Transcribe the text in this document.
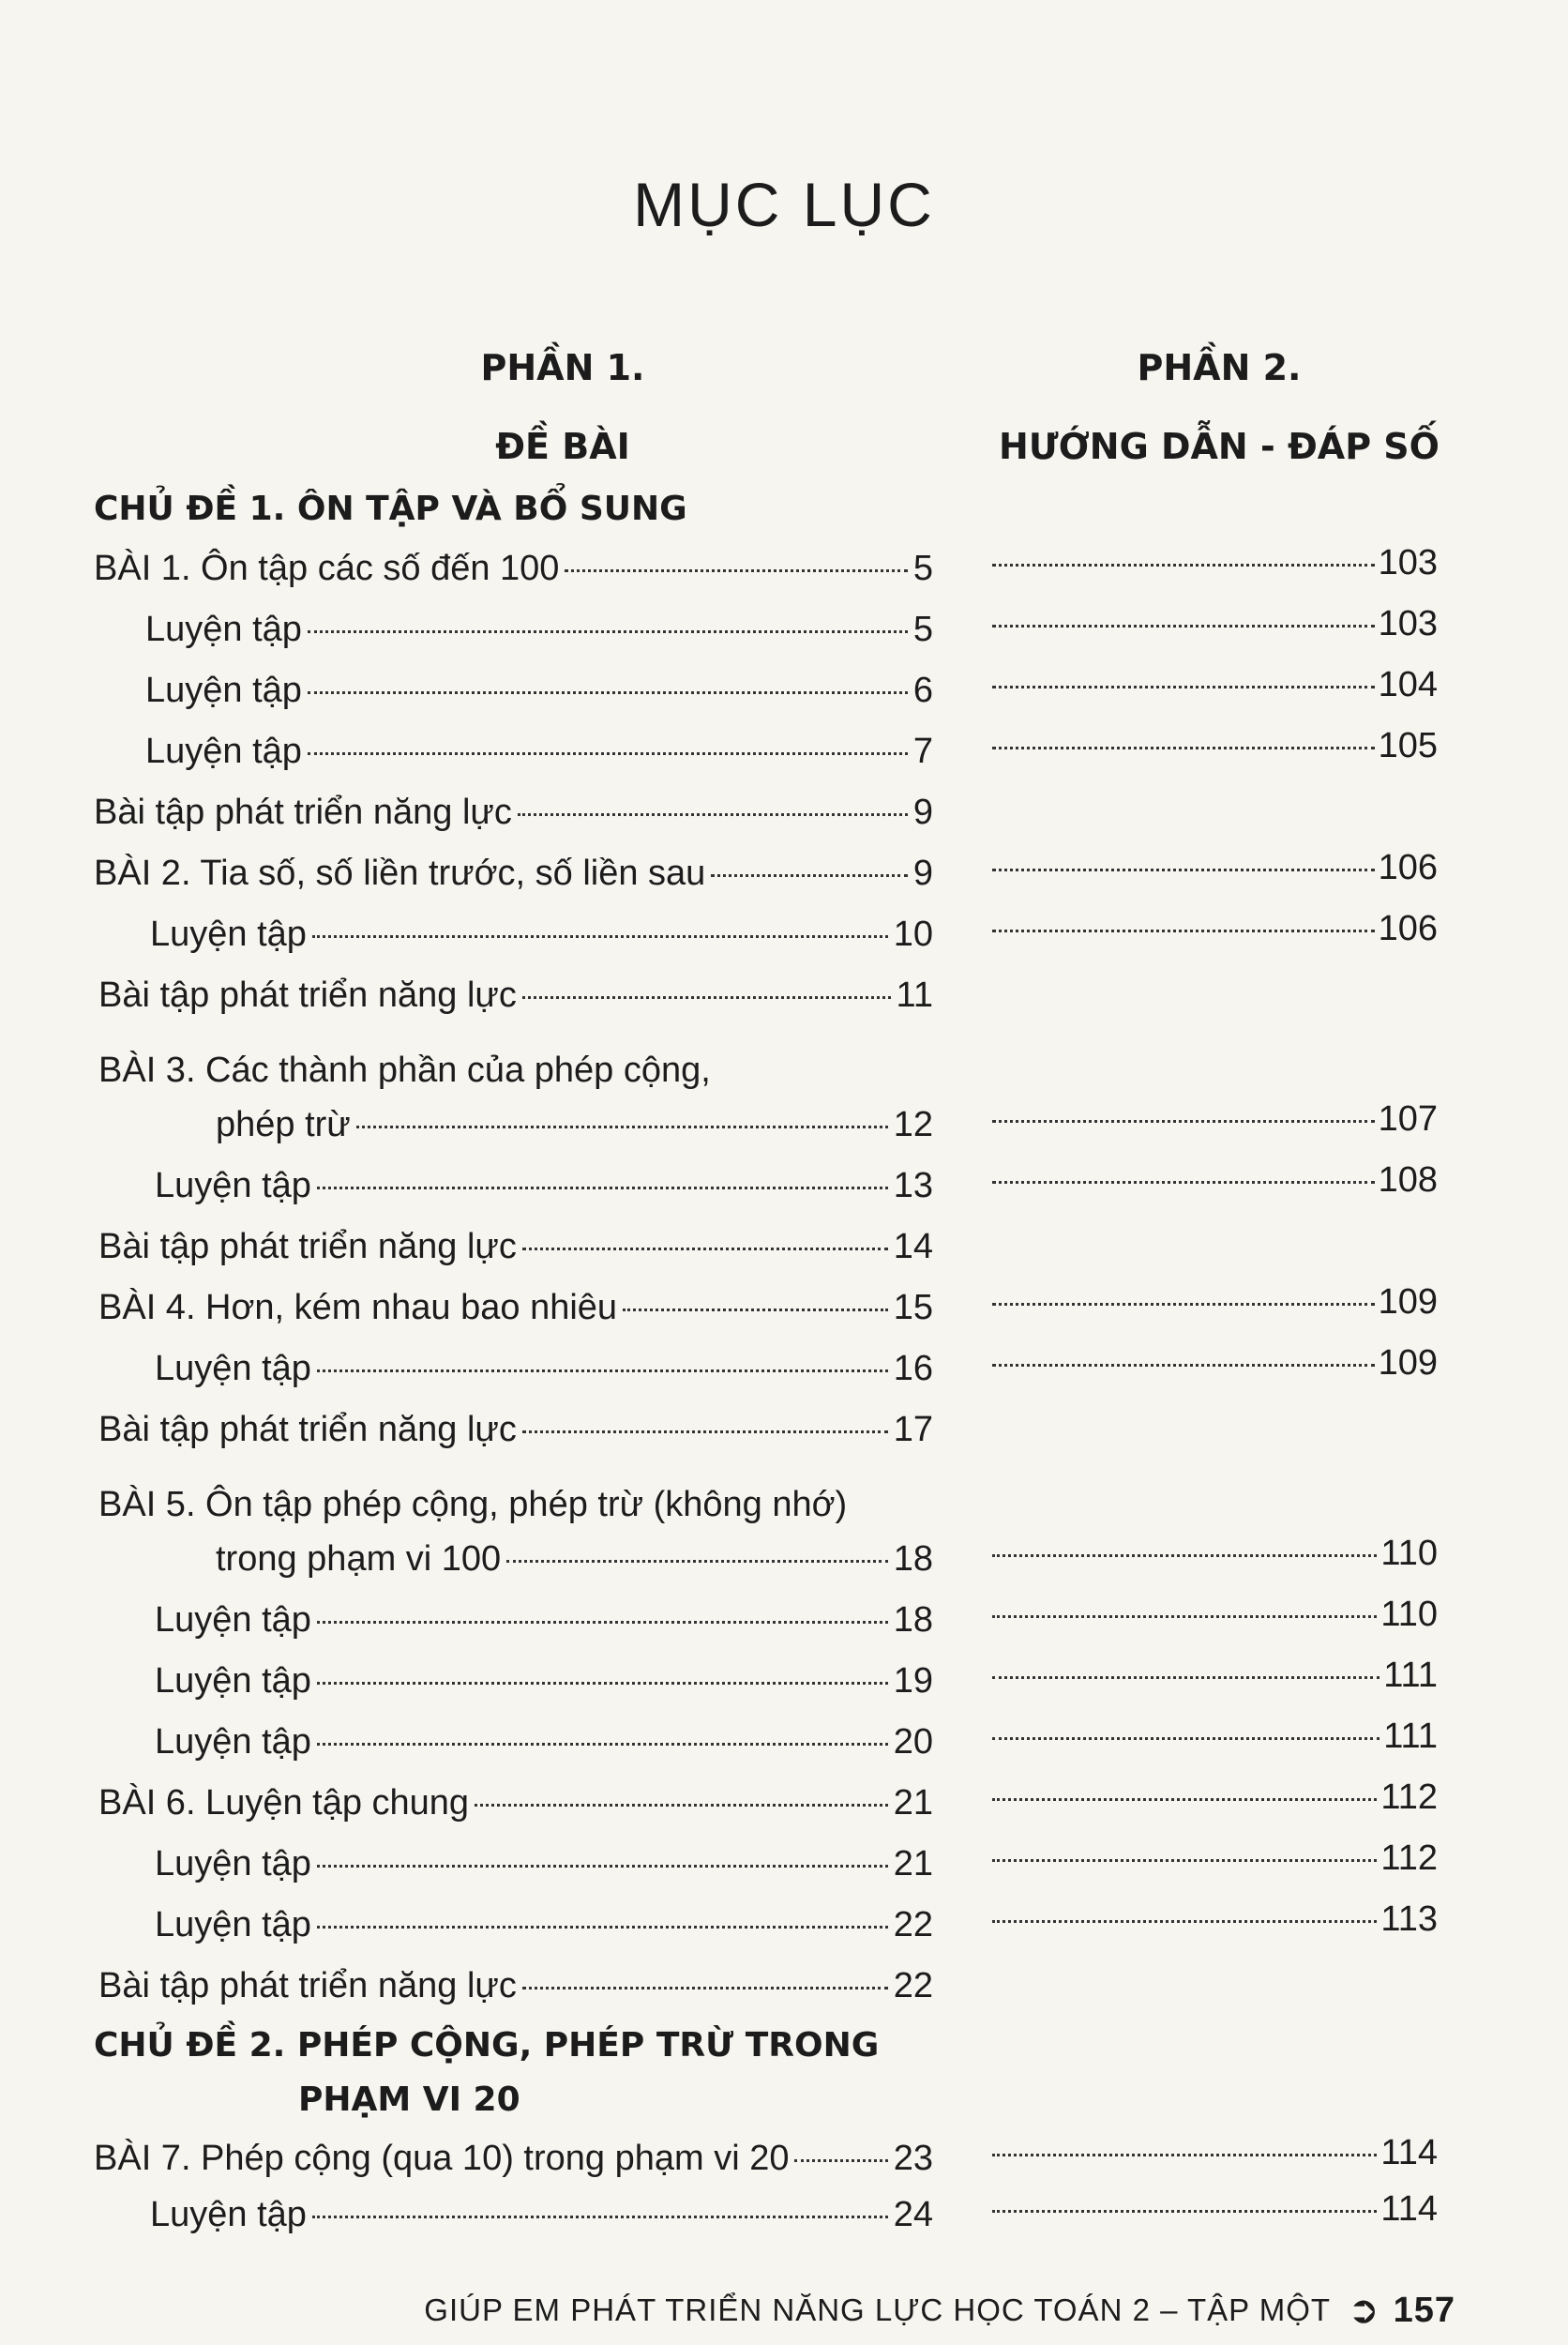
MỤC LỤC
PHẦN 1.
ĐỀ BÀI
PHẦN 2.
HƯỚNG DẪN - ĐÁP SỐ
CHỦ ĐỀ 1. ÔN TẬP VÀ BỔ SUNG
CHỦ ĐỀ 2. PHÉP CỘNG, PHÉP TRỪ TRONG
PHẠM VI 20
BÀI 1. Ôn tập các số đến 100	5	103
Luyện tập	5	103
Luyện tập	6	104
Luyện tập	7	105
Bài tập phát triển năng lực	9
BÀI 2. Tia số, số liền trước, số liền sau	9	106
Luyện tập	10	106
Bài tập phát triển năng lực	11
BÀI 3. Các thành phần của phép cộng,
phép trừ	12	107
Luyện tập	13	108
Bài tập phát triển năng lực	14
BÀI 4. Hơn, kém nhau bao nhiêu	15	109
Luyện tập	16	109
Bài tập phát triển năng lực	17
BÀI 5. Ôn tập phép cộng, phép trừ (không nhớ)
trong phạm vi 100	18	110
Luyện tập	18	110
Luyện tập	19	111
Luyện tập	20	111
BÀI 6. Luyện tập chung	21	112
Luyện tập	21	112
Luyện tập	22	113
Bài tập phát triển năng lực	22
BÀI 7. Phép cộng (qua 10) trong phạm vi 20	23	114
Luyện tập	24	114
GIÚP EM PHÁT TRIỂN NĂNG LỰC HỌC TOÁN 2 – TẬP MỘT ➲ 157
